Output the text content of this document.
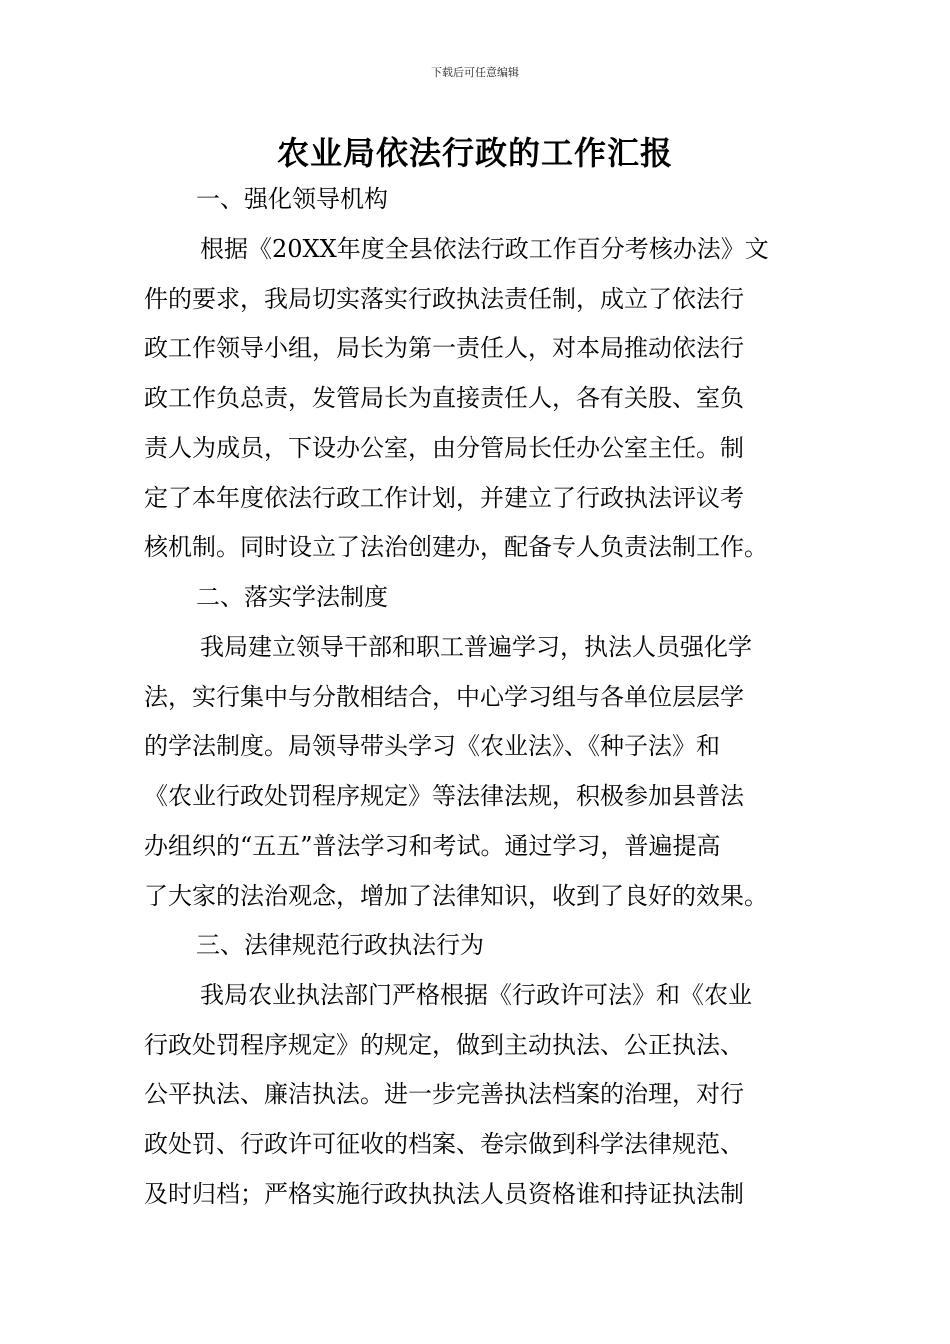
下载后可任意编辑
农业局依法行政的工作汇报
一、强化领导机构
根据《20XX年度全县依法行政工作百分考核办法》文
件的要求，我局切实落实行政执法责任制，成立了依法行
政工作领导小组，局长为第一责任人，对本局推动依法行
政工作负总责，发管局长为直接责任人，各有关股、室负
责人为成员，下设办公室，由分管局长任办公室主任。制
定了本年度依法行政工作计划，并建立了行政执法评议考
核机制。同时设立了法治创建办，配备专人负责法制工作。
二、落实学法制度
我局建立领导干部和职工普遍学习，执法人员强化学
法，实行集中与分散相结合，中心学习组与各单位层层学
的学法制度。局领导带头学习《农业法》、《种子法》和
《农业行政处罚程序规定》等法律法规，积极参加县普法
办组织的“五五”普法学习和考试。通过学习，普遍提高
了大家的法治观念，增加了法律知识，收到了良好的效果。
三、法律规范行政执法行为
我局农业执法部门严格根据《行政许可法》和《农业
行政处罚程序规定》的规定，做到主动执法、公正执法、
公平执法、廉洁执法。进一步完善执法档案的治理，对行
政处罚、行政许可征收的档案、卷宗做到科学法律规范、
及时归档；严格实施行政执执法人员资格谁和持证执法制
